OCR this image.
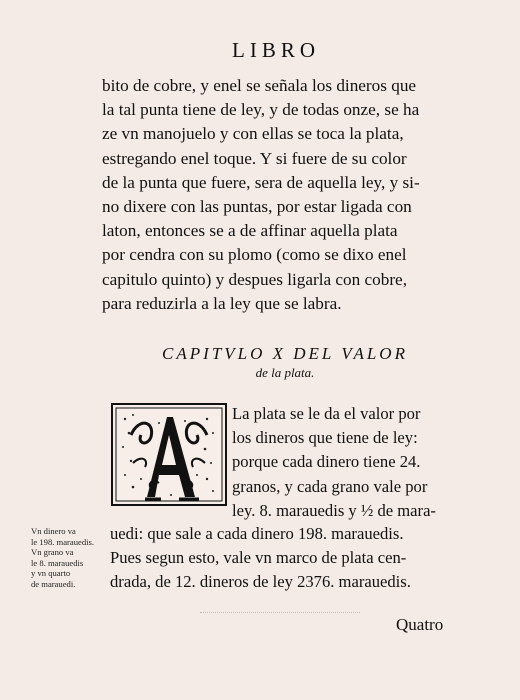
LIBRO
bito de cobre, y enel se señala los dineros que
la tal punta tiene de ley, y de todas onze, se ha
ze vn manojuelo y con ellas se toca la plata,
estregando enel toque. Y si fuere de su color
de la punta que fuere, sera de aquella ley, y si-
no dixere con las puntas, por estar ligada con
laton, entonces se a de affinar aquella plata
por cendra con su plomo (como se dixo enel
capitulo quinto) y despues ligarla con cobre,
para reduzirla a la ley que se labra.
CAPITVLO X DEL VALOR
de la plata.
La plata se le da el valor por
los dineros que tiene de ley:
porque cada dinero tiene 24.
granos, y cada grano vale por
ley. 8. marauedis y ½ de mara-
uedi: que sale a cada dinero 198. marauedis.
Pues segun esto, vale vn marco de plata cen-
drada, de 12. dineros de ley 2376. marauedis.
Vn dinero va
le 198. marauedis.
Vn grano va
le 8. marauedis
y vn quarto
de marauedi.
Quatro
